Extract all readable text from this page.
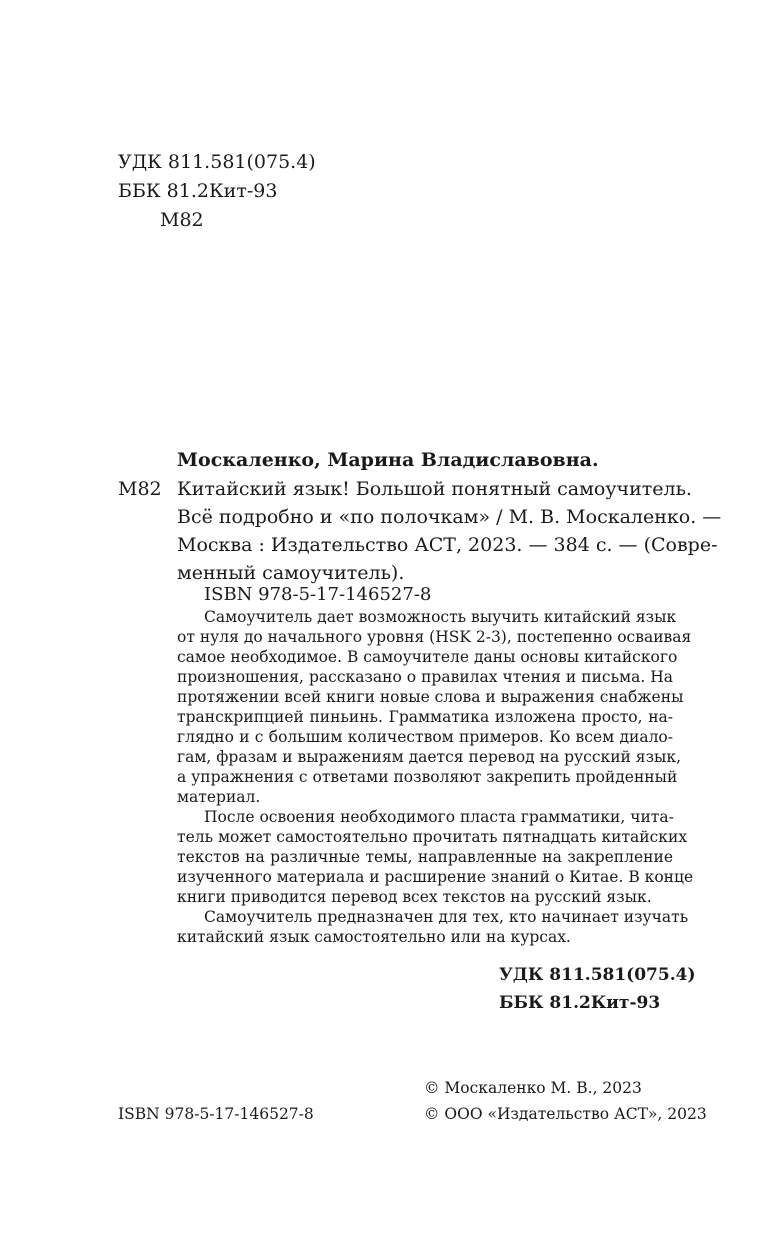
УДК 811.581(075.4)
ББК 81.2Кит-93
М82
Москаленко, Марина Владиславовна.
М82 Китайский язык! Большой понятный самоучитель.
Всё подробно и «по полочкам» / М. В. Москаленко. —
Москва : Издательство АСТ, 2023. — 384 с. — (Совре-
менный самоучитель).
ISBN 978-5-17-146527-8
Самоучитель дает возможность выучить китайский язык
от нуля до начального уровня (HSK 2-3), постепенно осваивая
самое необходимое. В самоучителе даны основы китайского
произношения, рассказано о правилах чтения и письма. На
протяжении всей книги новые слова и выражения снабжены
транскрипцией пиньинь. Грамматика изложена просто, на-
глядно и с большим количеством примеров. Ко всем диало-
гам, фразам и выражениям дается перевод на русский язык,
а упражнения с ответами позволяют закрепить пройденный
материал.
После освоения необходимого пласта грамматики, чита-
тель может самостоятельно прочитать пятнадцать китайских
текстов на различные темы, направленные на закрепление
изученного материала и расширение знаний о Китае. В конце
книги приводится перевод всех текстов на русский язык.
Самоучитель предназначен для тех, кто начинает изучать
китайский язык самостоятельно или на курсах.
УДК 811.581(075.4)
ББК 81.2Кит-93
© Москаленко М. В., 2023
ISBN 978-5-17-146527-8	© ООО «Издательство АСТ», 2023
